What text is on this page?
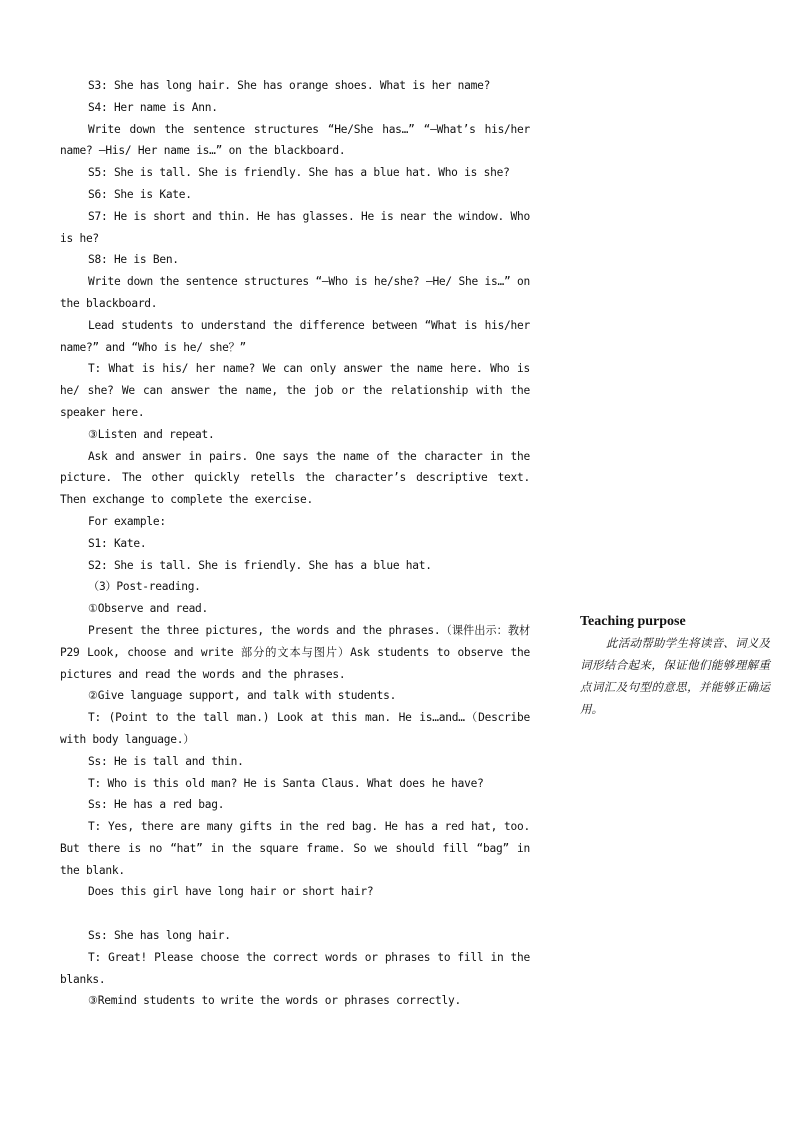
S3: She has long hair. She has orange shoes. What is her name?

S4: Her name is Ann.

Write down the sentence structures “He/She has…” “—What’s his/her name? —His/ Her name is…” on the blackboard.

S5: She is tall. She is friendly. She has a blue hat. Who is she?

S6: She is Kate.

S7: He is short and thin. He has glasses. He is near the window. Who is he?

S8: He is Ben.

Write down the sentence structures “—Who is he/she? —He/ She is…” on the blackboard.

Lead students to understand the difference between “What is his/her name?” and “Who is he/ she？”

T: What is his/ her name? We can only answer the name here. Who is he/ she? We can answer the name, the job or the relationship with the speaker here.

③Listen and repeat.

Ask and answer in pairs. One says the name of the character in the picture. The other quickly retells the character’s descriptive text. Then exchange to complete the exercise.

For example:

S1: Kate.

S2: She is tall. She is friendly. She has a blue hat.

（3）Post-reading.

①Observe and read.

Present the three pictures, the words and the phrases.（课件出示：教材 P29 Look, choose and write 部分的文本与图片）Ask students to observe the pictures and read the words and the phrases.

②Give language support, and talk with students.

T: (Point to the tall man.) Look at this man. He is…and…（Describe with body language.）

Ss: He is tall and thin.

T: Who is this old man? He is Santa Claus. What does he have?

Ss: He has a red bag.

T: Yes, there are many gifts in the red bag. He has a red hat, too. But there is no “hat” in the square frame. So we should fill “bag” in the blank.

Does this girl have long hair or short hair?

Ss: She has long hair.

T: Great! Please choose the correct words or phrases to fill in the blanks.

③Remind students to write the words or phrases correctly.

Teaching purpose
此活动帮助学生将读音、词义及词形结合起来，保证他们能够理解重点词汇及句型的意思，并能够正确运用。
